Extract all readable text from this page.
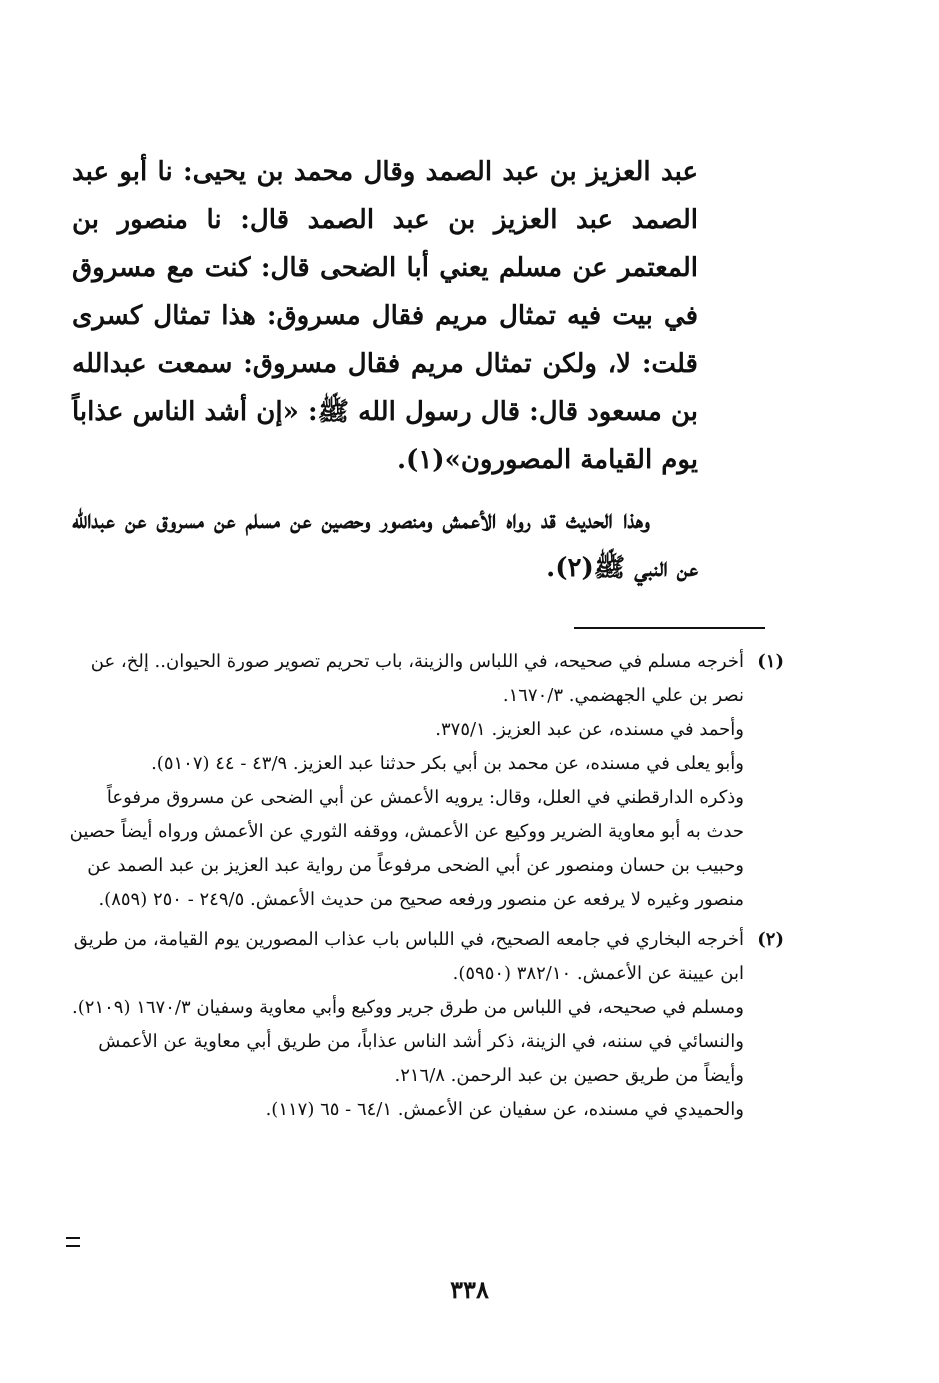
عبد العزيز بن عبد الصمد وقال محمد بن يحيى: نا أبو عبد الصمد عبد العزيز بن عبد الصمد قال: نا منصور بن المعتمر عن مسلم يعني أبا الضحى قال: كنت مع مسروق في بيت فيه تمثال مريم فقال مسروق: هذا تمثال كسرى قلت: لا، ولكن تمثال مريم فقال مسروق: سمعت عبدالله بن مسعود قال: قال رسول الله ﷺ: «إن أشد الناس عذاباً يوم القيامة المصورون»(١).

وهذا الحديث قد رواه الأعمش ومنصور وحصين عن مسلم عن مسروق عن عبدالله عن النبي ﷺ(٢).

(١)
أخرجه مسلم في صحيحه، في اللباس والزينة، باب تحريم تصوير صورة الحيوان.. إلخ، عن نصر بن علي الجهضمي. ١٦٧٠/٣.
وأحمد في مسنده، عن عبد العزيز. ٣٧٥/١.
وأبو يعلى في مسنده، عن محمد بن أبي بكر حدثنا عبد العزيز. ٤٣/٩ - ٤٤ (٥١٠٧).
وذكره الدارقطني في العلل، وقال: يرويه الأعمش عن أبي الضحى عن مسروق مرفوعاً حدث به أبو معاوية الضرير ووكيع عن الأعمش، ووقفه الثوري عن الأعمش ورواه أيضاً حصين وحبيب بن حسان ومنصور عن أبي الضحى مرفوعاً من رواية عبد العزيز بن عبد الصمد عن منصور وغيره لا يرفعه عن منصور ورفعه صحيح من حديث الأعمش. ٢٤٩/٥ - ٢٥٠ (٨٥٩).
(٢)
أخرجه البخاري في جامعه الصحيح، في اللباس باب عذاب المصورين يوم القيامة، من طريق ابن عيينة عن الأعمش. ٣٨٢/١٠ (٥٩٥٠).
ومسلم في صحيحه، في اللباس من طرق جرير ووكيع وأبي معاوية وسفيان ١٦٧٠/٣ (٢١٠٩).
والنسائي في سننه، في الزينة، ذكر أشد الناس عذاباً، من طريق أبي معاوية عن الأعمش وأيضاً من طريق حصين بن عبد الرحمن. ٢١٦/٨.
والحميدي في مسنده، عن سفيان عن الأعمش. ٦٤/١ - ٦٥ (١١٧).
٣٣٨
